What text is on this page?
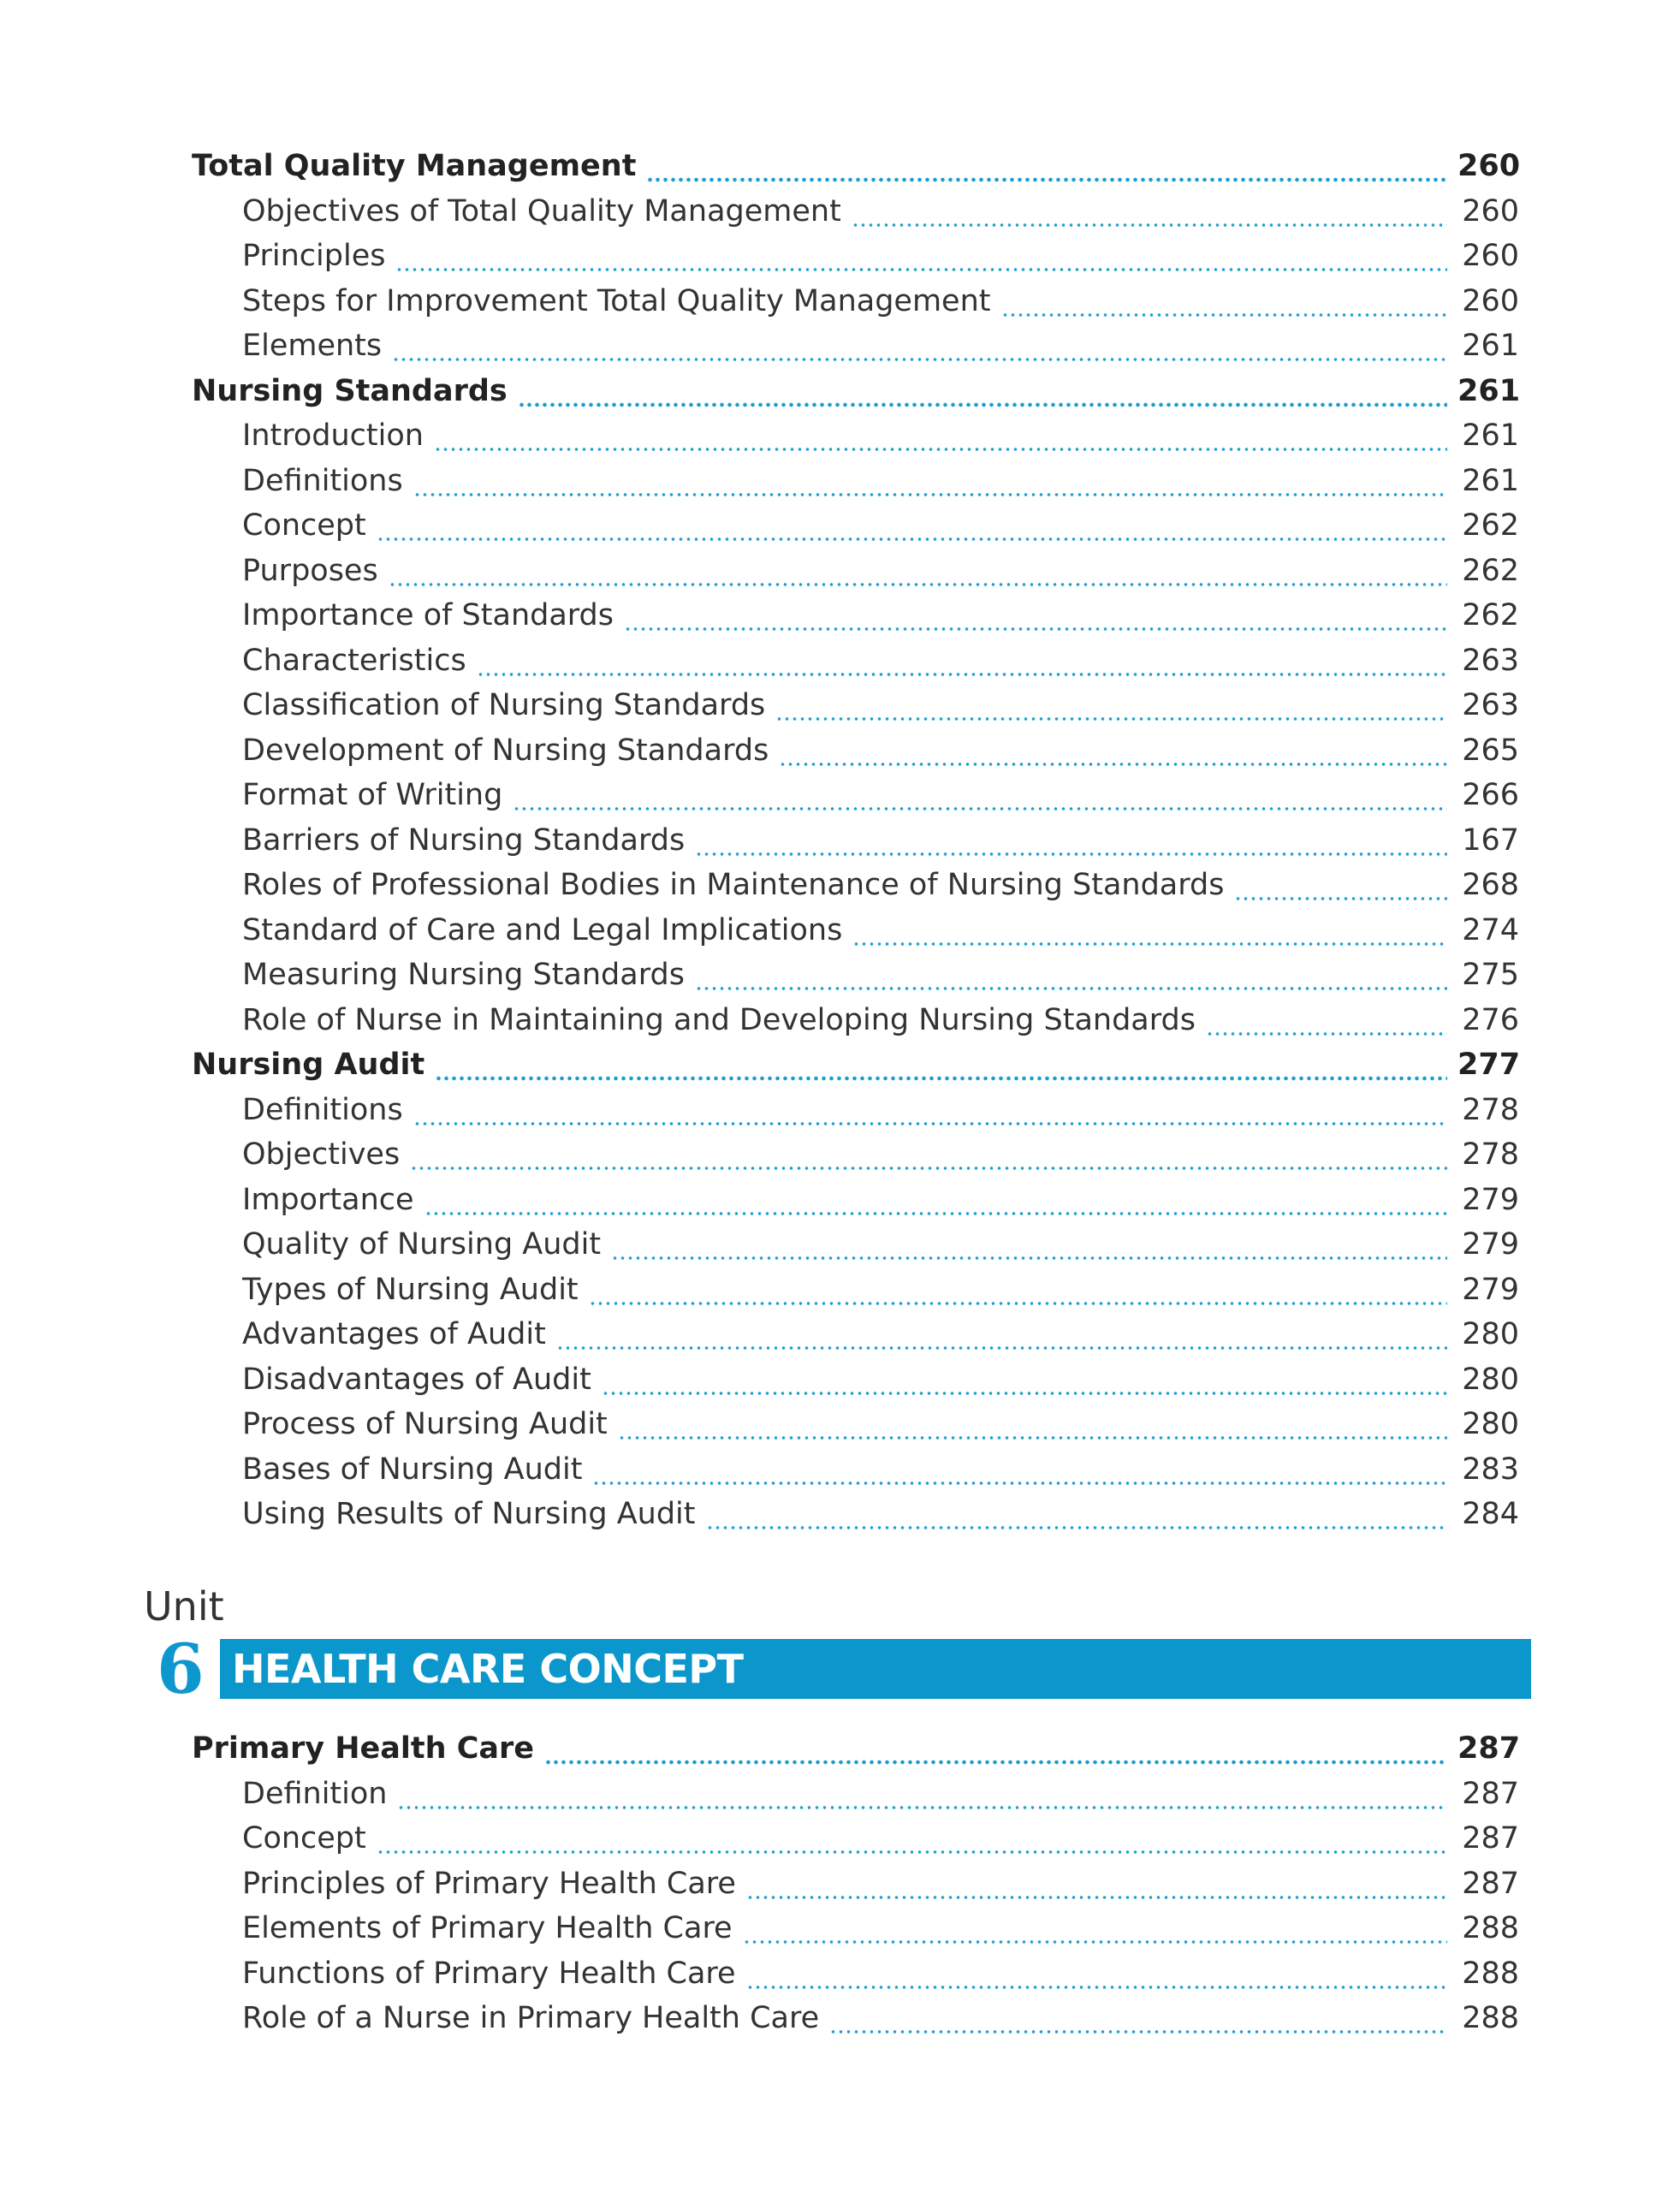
Total Quality Management	260
Objectives of Total Quality Management	260
Principles	260
Steps for Improvement Total Quality Management	260
Elements	261
Nursing Standards	261
Introduction	261
Definitions	261
Concept	262
Purposes	262
Importance of Standards	262
Characteristics	263
Classification of Nursing Standards	263
Development of Nursing Standards	265
Format of Writing	266
Barriers of Nursing Standards	167
Roles of Professional Bodies in Maintenance of Nursing Standards	268
Standard of Care and Legal Implications	274
Measuring Nursing Standards	275
Role of Nurse in Maintaining and Developing Nursing Standards	276
Nursing Audit	277
Definitions	278
Objectives	278
Importance	279
Quality of Nursing Audit	279
Types of Nursing Audit	279
Advantages of Audit	280
Disadvantages of Audit	280
Process of Nursing Audit	280
Bases of Nursing Audit	283
Using Results of Nursing Audit	284
Unit
6 HEALTH CARE CONCEPT
Primary Health Care	287
Definition	287
Concept	287
Principles of Primary Health Care	287
Elements of Primary Health Care	288
Functions of Primary Health Care	288
Role of a Nurse in Primary Health Care	288
